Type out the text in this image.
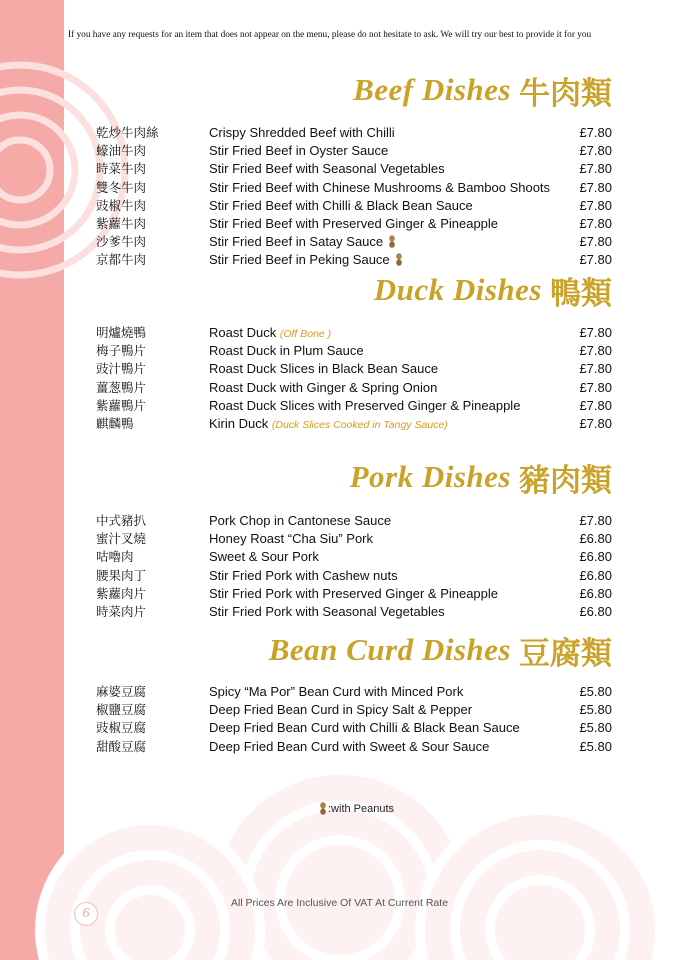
If you have any requests for an item that does not appear on the menu, please do not hesitate to ask. We will try our best to provide it for you
Beef Dishes 牛肉類
乾炒牛肉絲	Crispy Shredded Beef with Chilli	£7.80
蠔油牛肉	Stir Fried Beef in Oyster Sauce	£7.80
時菜牛肉	Stir Fried Beef with Seasonal Vegetables	£7.80
雙冬牛肉	Stir Fried Beef with Chinese Mushrooms & Bamboo Shoots £7.80
豉椒牛肉	Stir Fried Beef with Chilli & Black Bean Sauce	£7.80
紫蘿牛肉	Stir Fried Beef with Preserved Ginger & Pineapple	£7.80
沙爹牛肉	Stir Fried Beef in Satay Sauce	£7.80
京都牛肉	Stir Fried Beef in Peking Sauce	£7.80
Duck Dishes 鴨類
明爐燒鴨	Roast Duck (Off Bone )	£7.80
梅子鴨片	Roast Duck in Plum Sauce	£7.80
豉汁鴨片	Roast Duck Slices in Black Bean Sauce	£7.80
薑葱鴨片	Roast Duck with Ginger & Spring Onion	£7.80
紫蘿鴨片	Roast Duck Slices with Preserved Ginger & Pineapple	£7.80
麒麟鴨	Kirin Duck (Duck Slices Cooked in Tangy Sauce)	£7.80
Pork Dishes 豬肉類
中式豬扒	Pork Chop in Cantonese Sauce	£7.80
蜜汁叉燒	Honey Roast “Cha Siu” Pork	£6.80
咕嚕肉	Sweet & Sour Pork	£6.80
腰果肉丁	Stir Fried Pork with Cashew nuts	£6.80
紫蘿肉片	Stir Fried Pork with Preserved Ginger & Pineapple	£6.80
時菜肉片	Stir Fried Pork with Seasonal Vegetables	£6.80
Bean Curd Dishes 豆腐類
麻婆豆腐	Spicy “Ma Por” Bean Curd with Minced Pork	£5.80
椒鹽豆腐	Deep Fried Bean Curd in Spicy Salt & Pepper	£5.80
豉椒豆腐	Deep Fried Bean Curd with Chilli & Black Bean Sauce	£5.80
甜酸豆腐	Deep Fried Bean Curd with Sweet & Sour Sauce	£5.80
:with Peanuts
All Prices Are Inclusive Of VAT At Current Rate
6
